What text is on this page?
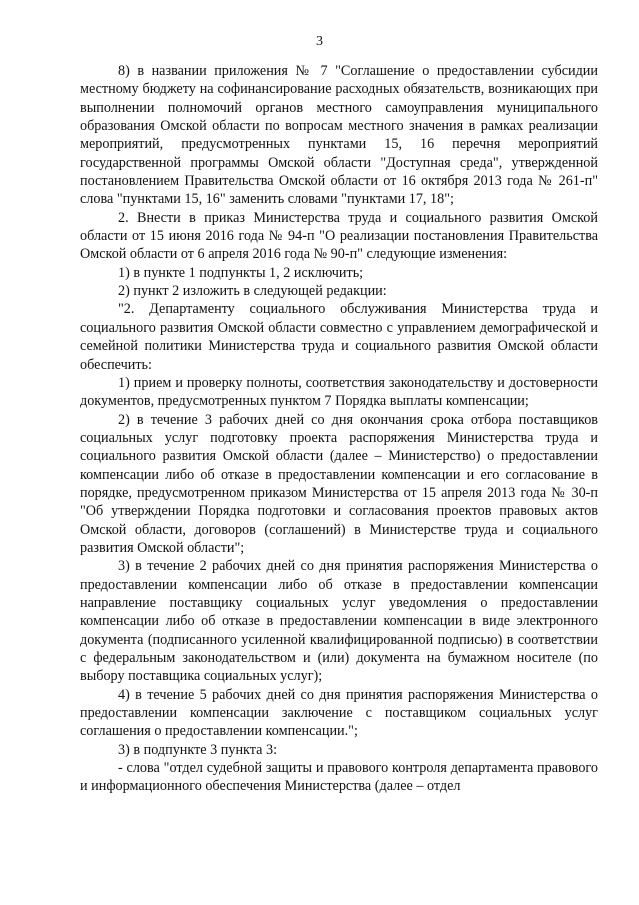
3

8) в названии приложения № 7 "Соглашение о предоставлении субсидии местному бюджету на софинансирование расходных обязательств, возникающих при выполнении полномочий органов местного самоуправления муниципального образования Омской области по вопросам местного значения в рамках реализации мероприятий, предусмотренных пунктами 15, 16 перечня мероприятий государственной программы Омской области "Доступная среда", утвержденной постановлением Правительства Омской области от 16 октября 2013 года № 261-п" слова "пунктами 15, 16" заменить словами "пунктами 17, 18";

2. Внести в приказ Министерства труда и социального развития Омской области от 15 июня 2016 года № 94-п "О реализации постановления Правительства Омской области от 6 апреля 2016 года № 90-п" следующие изменения:

1) в пункте 1 подпункты 1, 2 исключить;

2) пункт 2 изложить в следующей редакции:

"2. Департаменту социального обслуживания Министерства труда и социального развития Омской области совместно с управлением демографической и семейной политики Министерства труда и социального развития Омской области обеспечить:

1) прием и проверку полноты, соответствия законодательству и достоверности документов, предусмотренных пунктом 7 Порядка выплаты компенсации;

2) в течение 3 рабочих дней со дня окончания срока отбора поставщиков социальных услуг подготовку проекта распоряжения Министерства труда и социального развития Омской области (далее – Министерство) о предоставлении компенсации либо об отказе в предоставлении компенсации и его согласование в порядке, предусмотренном приказом Министерства от 15 апреля 2013 года № 30-п "Об утверждении Порядка подготовки и согласования проектов правовых актов Омской области, договоров (соглашений) в Министерстве труда и социального развития Омской области";

3) в течение 2 рабочих дней со дня принятия распоряжения Министерства о предоставлении компенсации либо об отказе в предоставлении компенсации направление поставщику социальных услуг уведомления о предоставлении компенсации либо об отказе в предоставлении компенсации в виде электронного документа (подписанного усиленной квалифицированной подписью) в соответствии с федеральным законодательством и (или) документа на бумажном носителе (по выбору поставщика социальных услуг);

4) в течение 5 рабочих дней со дня принятия распоряжения Министерства о предоставлении компенсации заключение с поставщиком социальных услуг соглашения о предоставлении компенсации.";

3) в подпункте 3 пункта 3:

- слова "отдел судебной защиты и правового контроля департамента правового и информационного обеспечения Министерства (далее – отдел
